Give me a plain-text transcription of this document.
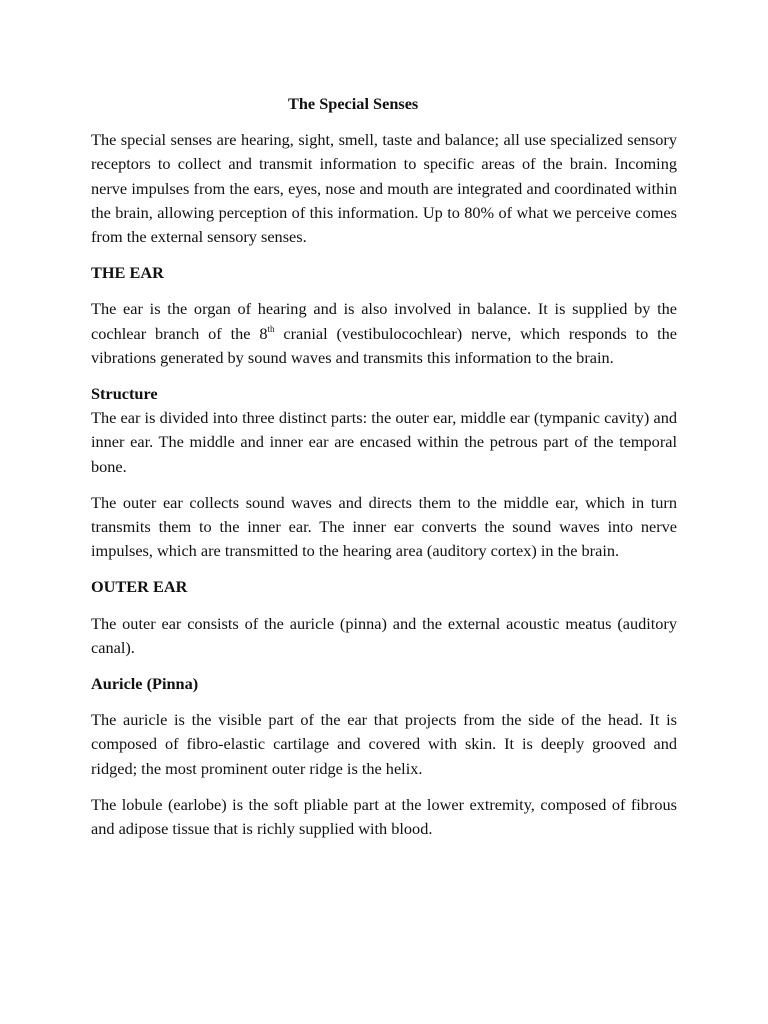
The Special Senses

The special senses are hearing, sight, smell, taste and balance; all use specialized sensory receptors to collect and transmit information to specific areas of the brain. Incoming nerve impulses from the ears, eyes, nose and mouth are integrated and coordinated within the brain, allowing perception of this information. Up to 80% of what we perceive comes from the external sensory senses.

THE EAR

The ear is the organ of hearing and is also involved in balance. It is supplied by the cochlear branch of the 8th cranial (vestibulocochlear) nerve, which responds to the vibrations generated by sound waves and transmits this information to the brain.

Structure

The ear is divided into three distinct parts: the outer ear, middle ear (tympanic cavity) and inner ear. The middle and inner ear are encased within the petrous part of the temporal bone.

The outer ear collects sound waves and directs them to the middle ear, which in turn transmits them to the inner ear. The inner ear converts the sound waves into nerve impulses, which are transmitted to the hearing area (auditory cortex) in the brain.

OUTER EAR

The outer ear consists of the auricle (pinna) and the external acoustic meatus (auditory canal).

Auricle (Pinna)

The auricle is the visible part of the ear that projects from the side of the head. It is composed of fibro-elastic cartilage and covered with skin. It is deeply grooved and ridged; the most prominent outer ridge is the helix.

The lobule (earlobe) is the soft pliable part at the lower extremity, composed of fibrous and adipose tissue that is richly supplied with blood.
